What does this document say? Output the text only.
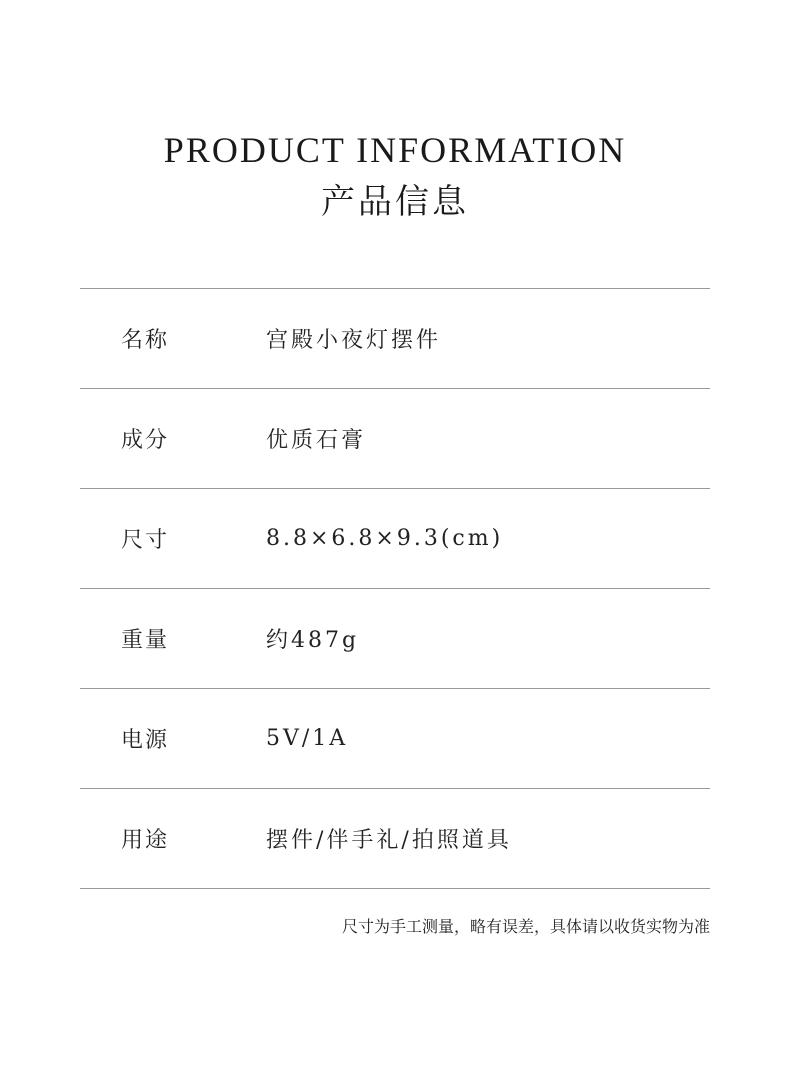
PRODUCT INFORMATION
产品信息
名称	宫殿小夜灯摆件
成分	优质石膏
尺寸	8.8×6.8×9.3(cm)
重量	约487g
电源	5V/1A
用途	摆件/伴手礼/拍照道具
尺寸为手工测量，略有误差，具体请以收货实物为准
